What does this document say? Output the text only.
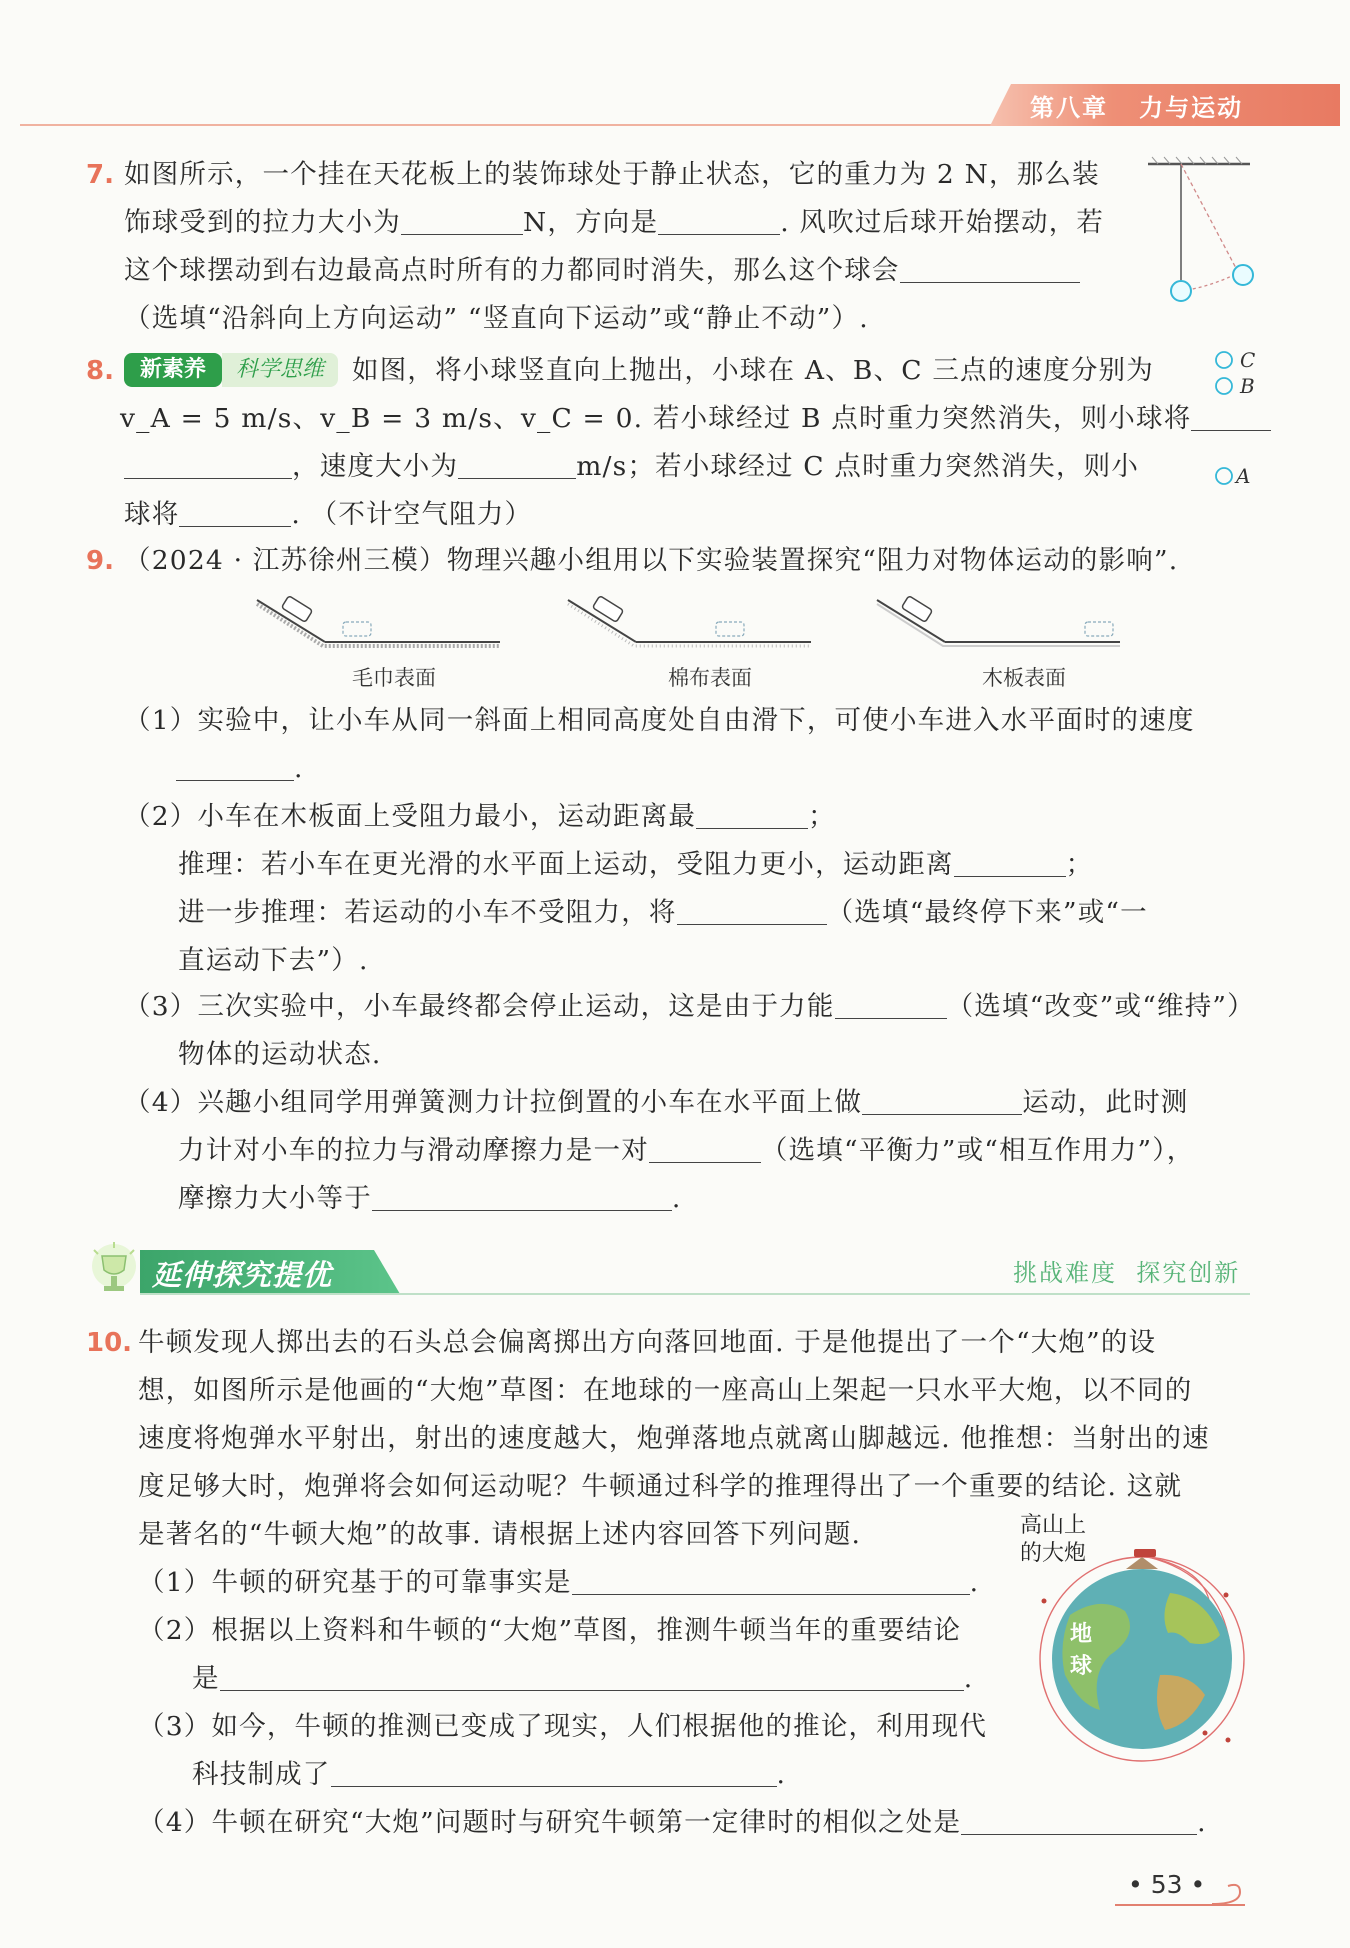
第八章   力与运动
7. 如图所示，一个挂在天花板上的装饰球处于静止状态，它的重力为 2 N，那么装
饰球受到的拉力大小为	N，方向是	. 风吹过后球开始摆动，若
这个球摆动到右边最高点时所有的力都同时消失，那么这个球会
（选填“沿斜向上方向运动” “竖直向下运动”或“静止不动”）.
8.	新素养	科学思维	如图，将小球竖直向上抛出，小球在 A、B、C 三点的速度分别为
v_A = 5 m/s、v_B = 3 m/s、v_C = 0. 若小球经过 B 点时重力突然消失，则小球将
，速度大小为	m/s；若小球经过 C 点时重力突然消失，则小
球将	. （不计空气阻力）
C
B
A
9. （2024 · 江苏徐州三模）物理兴趣小组用以下实验装置探究“阻力对物体运动的影响”.
毛巾表面	棉布表面	木板表面
（1）实验中，让小车从同一斜面上相同高度处自由滑下，可使小车进入水平面时的速度
.
（2）小车在木板面上受阻力最小，运动距离最	；
推理：若小车在更光滑的水平面上运动，受阻力更小，运动距离	；
进一步推理：若运动的小车不受阻力，将	（选填“最终停下来”或“一
直运动下去”）.
（3）三次实验中，小车最终都会停止运动，这是由于力能	（选填“改变”或“维持”）
物体的运动状态.
（4）兴趣小组同学用弹簧测力计拉倒置的小车在水平面上做	运动，此时测
力计对小车的拉力与滑动摩擦力是一对	（选填“平衡力”或“相互作用力”），
摩擦力大小等于	.
延伸探究提优	挑战难度  探究创新
10. 牛顿发现人掷出去的石头总会偏离掷出方向落回地面. 于是他提出了一个“大炮”的设
想，如图所示是他画的“大炮”草图：在地球的一座高山上架起一只水平大炮，以不同的
速度将炮弹水平射出，射出的速度越大，炮弹落地点就离山脚越远. 他推想：当射出的速
度足够大时，炮弹将会如何运动呢？牛顿通过科学的推理得出了一个重要的结论. 这就
是著名的“牛顿大炮”的故事. 请根据上述内容回答下列问题.
（1）牛顿的研究基于的可靠事实是	.
（2）根据以上资料和牛顿的“大炮”草图，推测牛顿当年的重要结论
是	.
（3）如今，牛顿的推测已变成了现实，人们根据他的推论，利用现代
科技制成了	.
（4）牛顿在研究“大炮”问题时与研究牛顿第一定律时的相似之处是	.
高山上
的大炮
地
球
• 53 •
